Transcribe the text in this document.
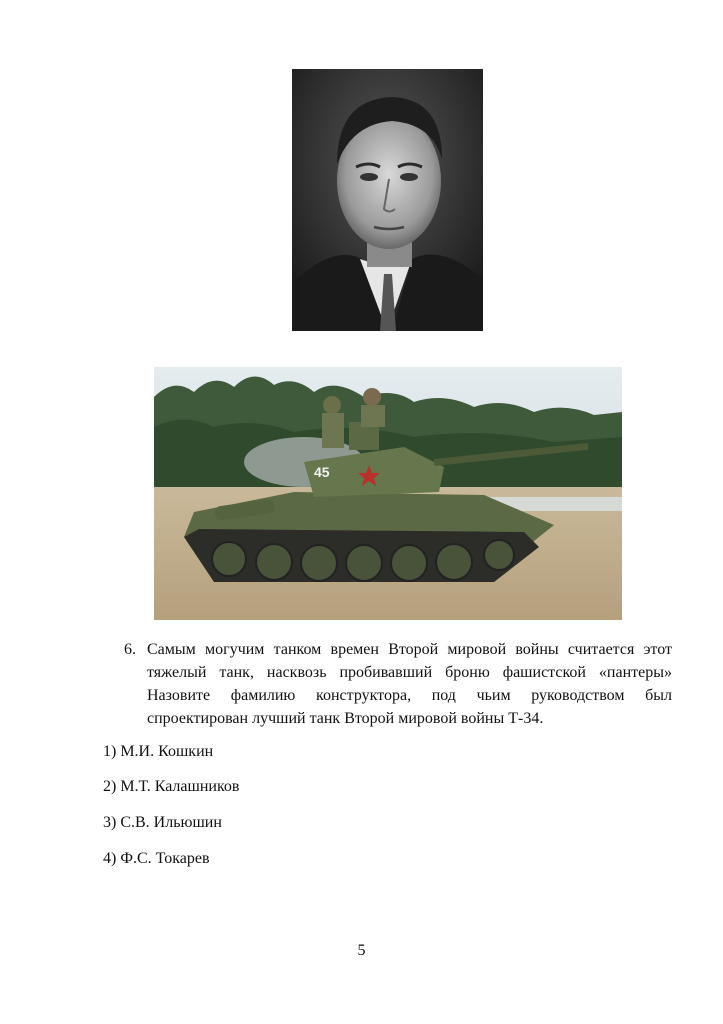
45
6. Самым могучим танком времен Второй мировой войны считается этот тяжелый танк, насквозь пробивавший броню фашистской «пантеры» Назовите фамилию конструктора, под чьим руководством был спроектирован лучший танк Второй мировой войны Т-34.
1) М.И. Кошкин
2) М.Т. Калашников
3) С.В. Ильюшин
4) Ф.С. Токарев
5
